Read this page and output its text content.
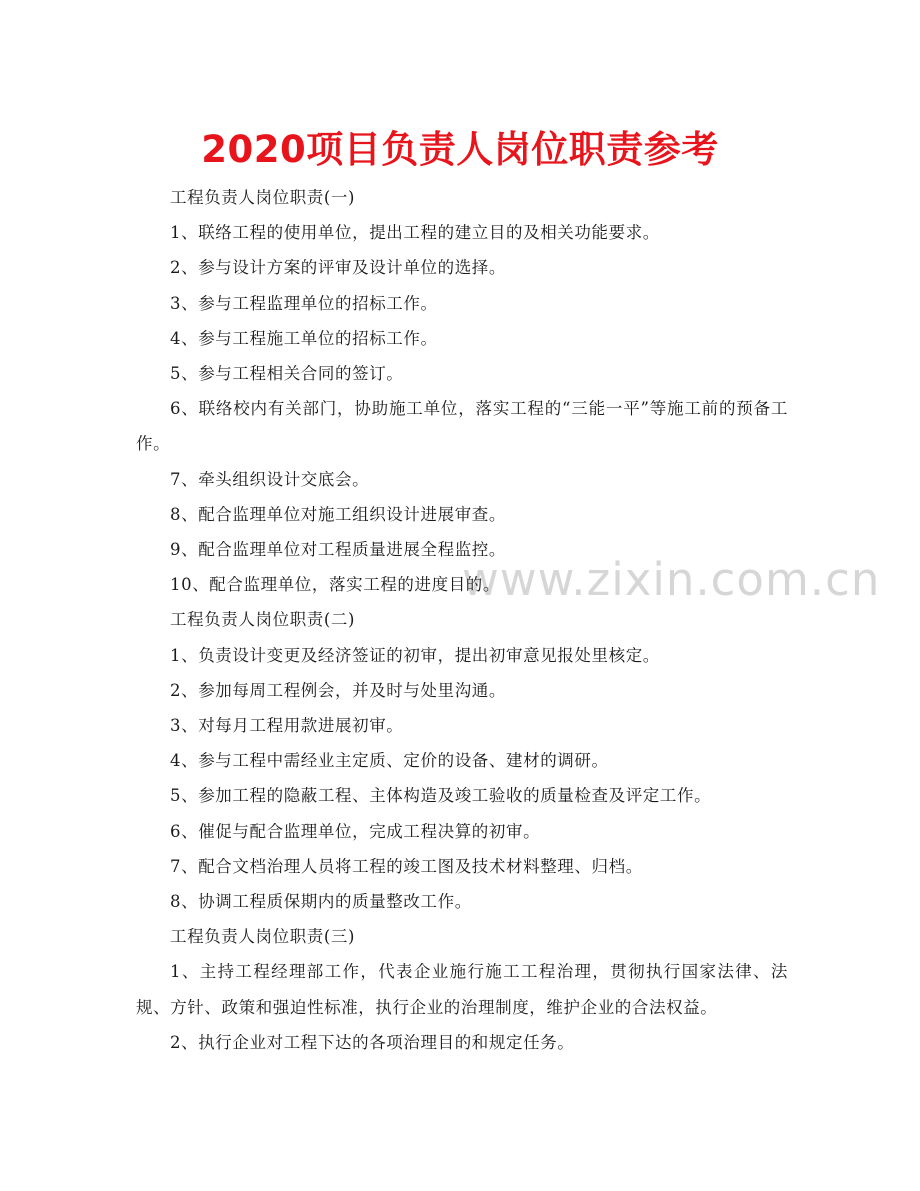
2020项目负责人岗位职责参考
www.zixin.com.cn

工程负责人岗位职责(一)

1、联络工程的使用单位，提出工程的建立目的及相关功能要求。

2、参与设计方案的评审及设计单位的选择。

3、参与工程监理单位的招标工作。

4、参与工程施工单位的招标工作。

5、参与工程相关合同的签订。

6、联络校内有关部门，协助施工单位，落实工程的“三能一平”等施工前的预备工作。

7、牵头组织设计交底会。

8、配合监理单位对施工组织设计进展审查。

9、配合监理单位对工程质量进展全程监控。

10、配合监理单位，落实工程的进度目的。

工程负责人岗位职责(二)

1、负责设计变更及经济签证的初审，提出初审意见报处里核定。

2、参加每周工程例会，并及时与处里沟通。

3、对每月工程用款进展初审。

4、参与工程中需经业主定质、定价的设备、建材的调研。

5、参加工程的隐蔽工程、主体构造及竣工验收的质量检查及评定工作。

6、催促与配合监理单位，完成工程决算的初审。

7、配合文档治理人员将工程的竣工图及技术材料整理、归档。

8、协调工程质保期内的质量整改工作。

工程负责人岗位职责(三)

1、主持工程经理部工作，代表企业施行施工工程治理，贯彻执行国家法律、法规、方针、政策和强迫性标准，执行企业的治理制度，维护企业的合法权益。

2、执行企业对工程下达的各项治理目的和规定任务。
